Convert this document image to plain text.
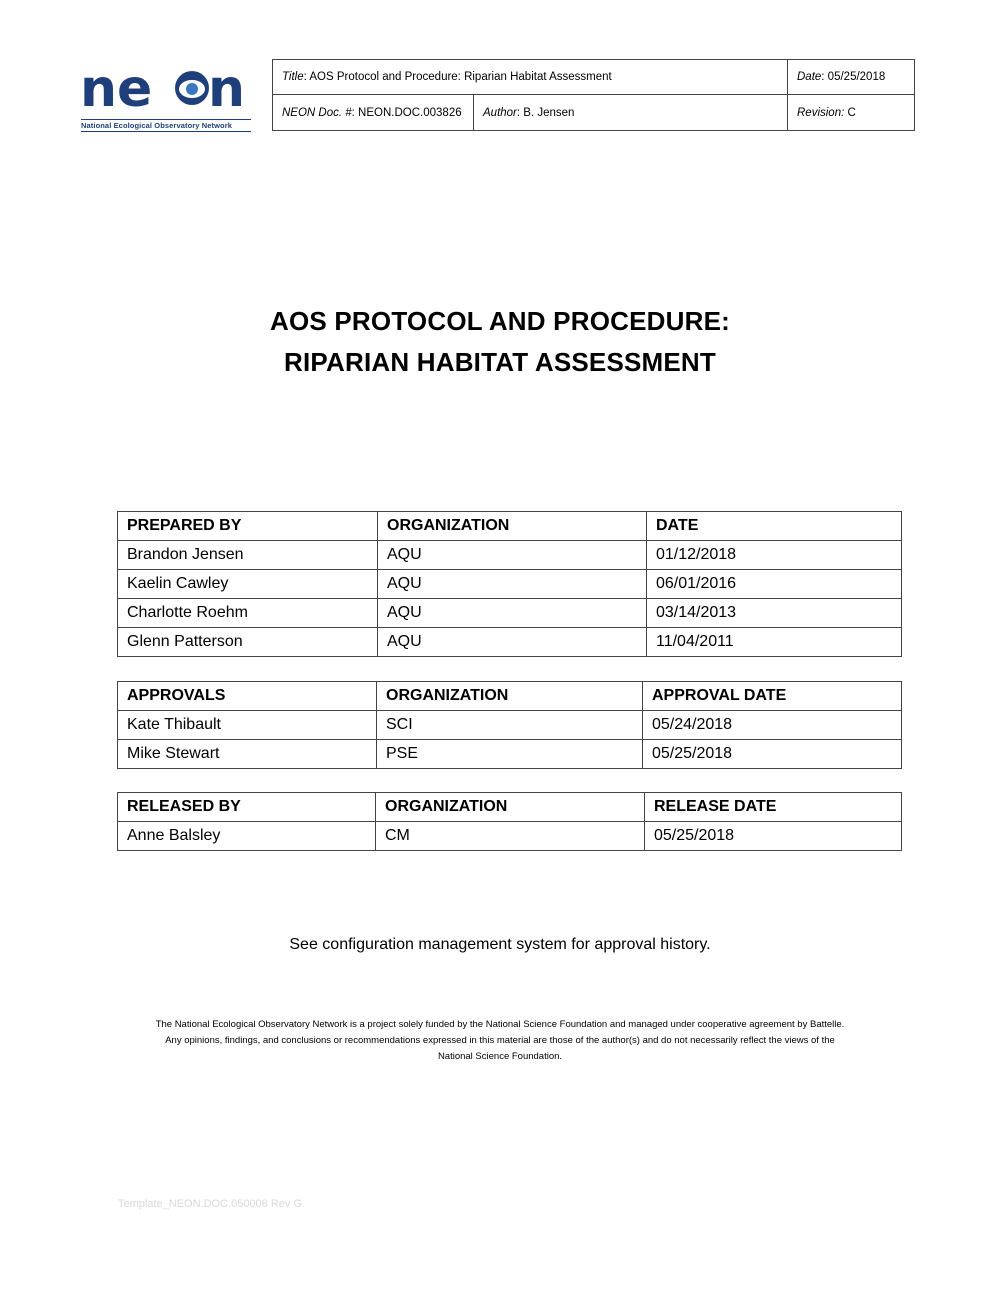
ne n
National Ecological Observatory Network
Title: AOS Protocol and Procedure: Riparian Habitat Assessment		Date: 05/25/2018
NEON Doc. #: NEON.DOC.003826	Author: B. Jensen	Revision: C
AOS PROTOCOL AND PROCEDURE:
RIPARIAN HABITAT ASSESSMENT
PREPARED BY	ORGANIZATION	DATE
Brandon Jensen	AQU	01/12/2018
Kaelin Cawley	AQU	06/01/2016
Charlotte Roehm	AQU	03/14/2013
Glenn Patterson	AQU	11/04/2011
APPROVALS	ORGANIZATION	APPROVAL DATE
Kate Thibault	SCI	05/24/2018
Mike Stewart	PSE	05/25/2018
RELEASED BY	ORGANIZATION	RELEASE DATE
Anne Balsley	CM	05/25/2018
See configuration management system for approval history.
The National Ecological Observatory Network is a project solely funded by the National Science Foundation and managed under cooperative agreement by Battelle.
Any opinions, findings, and conclusions or recommendations expressed in this material are those of the author(s) and do not necessarily reflect the views of the
National Science Foundation.
Template_NEON.DOC.050006 Rev G
